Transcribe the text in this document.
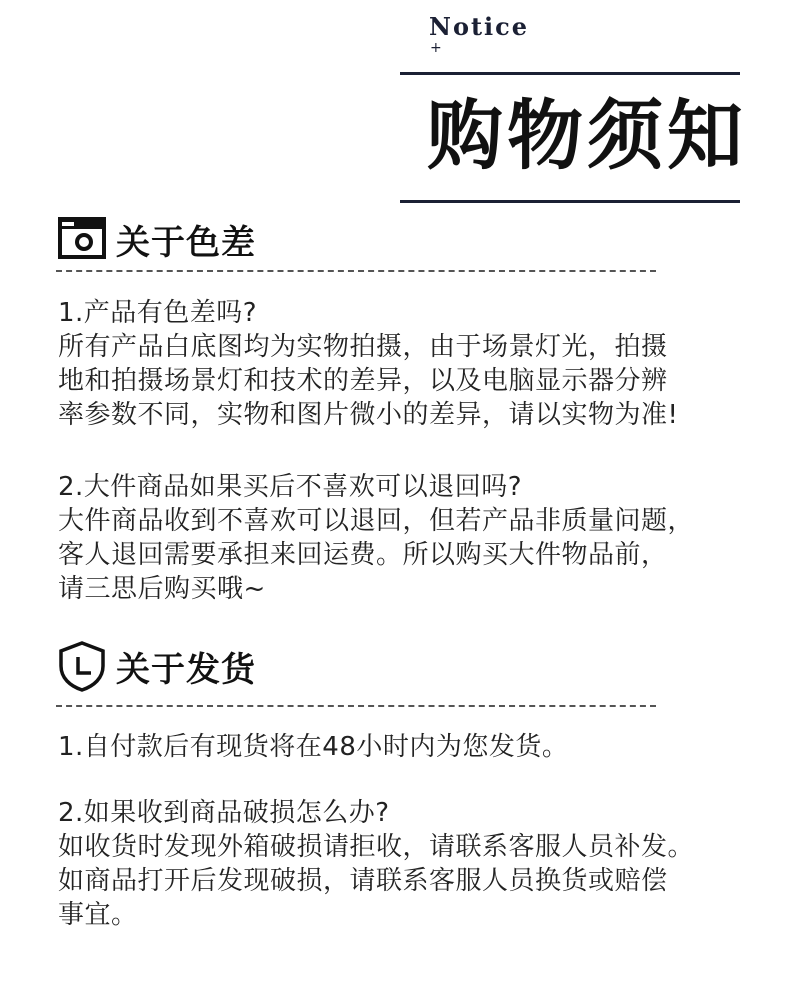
Notice
+
购物须知
关于色差
1.产品有色差吗?
所有产品白底图均为实物拍摄，由于场景灯光，拍摄
地和拍摄场景灯和技术的差异，以及电脑显示器分辨
率参数不同，实物和图片微小的差异，请以实物为准!
2.大件商品如果买后不喜欢可以退回吗?
大件商品收到不喜欢可以退回，但若产品非质量问题，
客人退回需要承担来回运费。所以购买大件物品前，
请三思后购买哦~
关于发货
1.自付款后有现货将在48小时内为您发货。
2.如果收到商品破损怎么办?
如收货时发现外箱破损请拒收，请联系客服人员补发。
如商品打开后发现破损，请联系客服人员换货或赔偿
事宜。
